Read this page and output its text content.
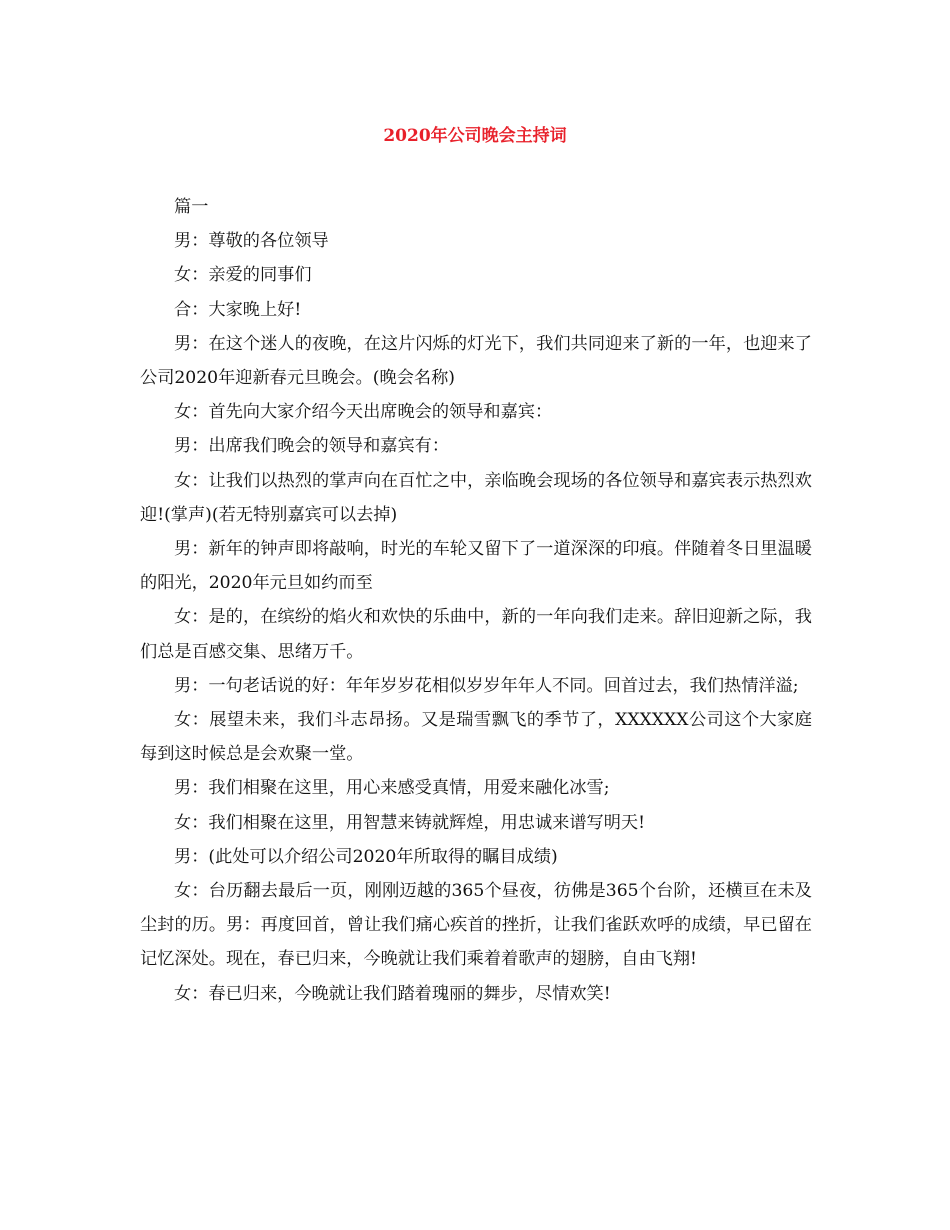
2020年公司晚会主持词

篇一

男：尊敬的各位领导

女：亲爱的同事们

合：大家晚上好!

男：在这个迷人的夜晚，在这片闪烁的灯光下，我们共同迎来了新的一年，也迎来了公司2020年迎新春元旦晚会。(晚会名称)

女：首先向大家介绍今天出席晚会的领导和嘉宾：

男：出席我们晚会的领导和嘉宾有：

女：让我们以热烈的掌声向在百忙之中，亲临晚会现场的各位领导和嘉宾表示热烈欢迎!(掌声)(若无特别嘉宾可以去掉)

男：新年的钟声即将敲响，时光的车轮又留下了一道深深的印痕。伴随着冬日里温暖的阳光，2020年元旦如约而至

女：是的，在缤纷的焰火和欢快的乐曲中，新的一年向我们走来。辞旧迎新之际，我们总是百感交集、思绪万千。

男：一句老话说的好：年年岁岁花相似岁岁年年人不同。回首过去，我们热情洋溢;

女：展望未来，我们斗志昂扬。又是瑞雪飘飞的季节了，XXXXXX公司这个大家庭每到这时候总是会欢聚一堂。

男：我们相聚在这里，用心来感受真情，用爱来融化冰雪;

女：我们相聚在这里，用智慧来铸就辉煌，用忠诚来谱写明天!

男：(此处可以介绍公司2020年所取得的瞩目成绩)

女：台历翻去最后一页，刚刚迈越的365个昼夜，彷佛是365个台阶，还横亘在未及尘封的历。男：再度回首，曾让我们痛心疾首的挫折，让我们雀跃欢呼的成绩，早已留在记忆深处。现在，春已归来，今晚就让我们乘着着歌声的翅膀，自由飞翔!

女：春已归来，今晚就让我们踏着瑰丽的舞步，尽情欢笑!
